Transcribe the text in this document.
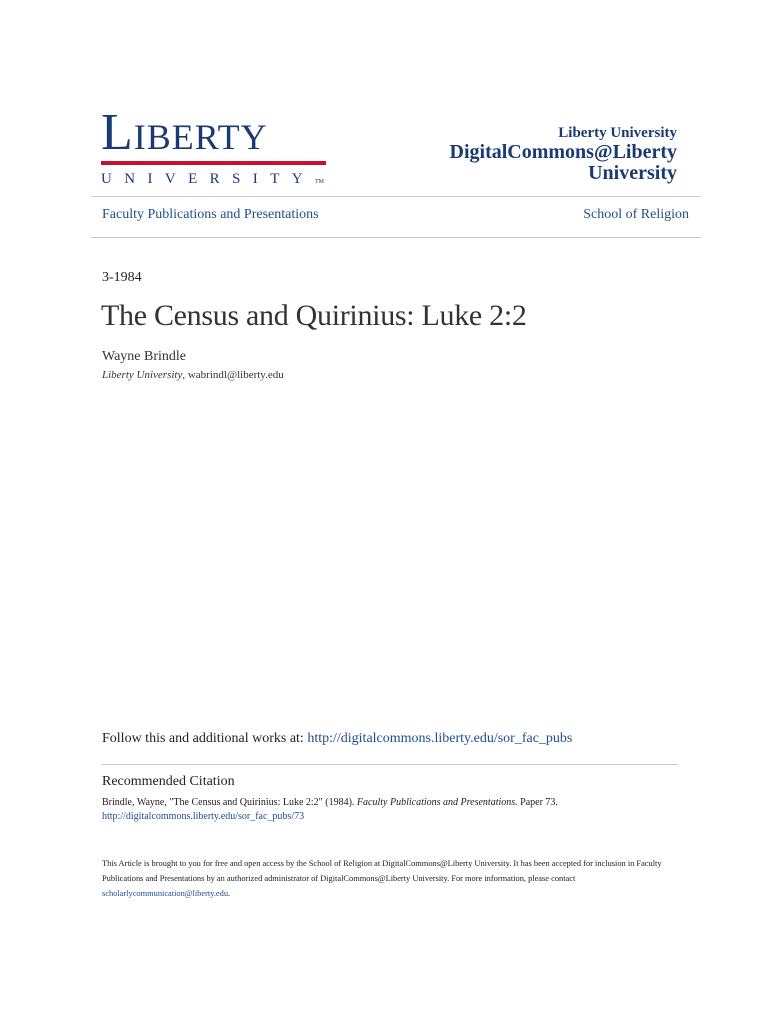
Liberty
UNIVERSITYTM
Liberty University
DigitalCommons@Liberty
University
Faculty Publications and Presentations	School of Religion
3-1984
The Census and Quirinius: Luke 2:2
Wayne Brindle
Liberty University, wabrindl@liberty.edu
Follow this and additional works at: http://digitalcommons.liberty.edu/sor_fac_pubs
Recommended Citation
Brindle, Wayne, "The Census and Quirinius: Luke 2:2" (1984). Faculty Publications and Presentations. Paper 73.
http://digitalcommons.liberty.edu/sor_fac_pubs/73
This Article is brought to you for free and open access by the School of Religion at DigitalCommons@Liberty University. It has been accepted for inclusion in Faculty Publications and Presentations by an authorized administrator of DigitalCommons@Liberty University. For more information, please contact scholarlycommunication@liberty.edu.
